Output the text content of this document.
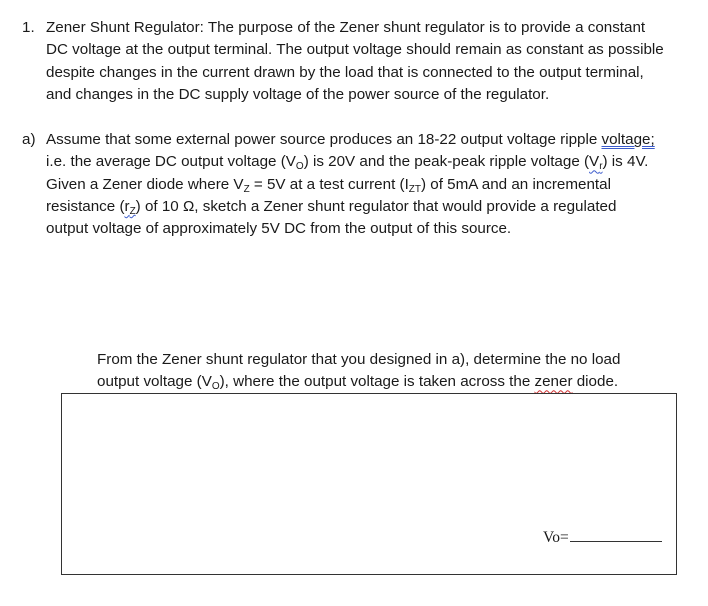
1. Zener Shunt Regulator: The purpose of the Zener shunt regulator is to provide a constant
DC voltage at the output terminal. The output voltage should remain as constant as possible
despite changes in the current drawn by the load that is connected to the output terminal,
and changes in the DC supply voltage of the power source of the regulator.
a) Assume that some external power source produces an 18-22 output voltage ripple voltage;
i.e. the average DC output voltage $(V_O)$ is 20V and the peak-peak ripple voltage $(V_r)$ is 4V.
Given a Zener diode where $V_Z = 5V$ at a test current $(I_{ZT})$ of 5mA and an incremental
resistance $(r_Z)$ of 10 Ω, sketch a Zener shunt regulator that would provide a regulated
output voltage of approximately 5V DC from the output of this source.
From the Zener shunt regulator that you designed in a), determine the no load
output voltage $(V_O)$, where the output voltage is taken across the zener diode.
Vo=
